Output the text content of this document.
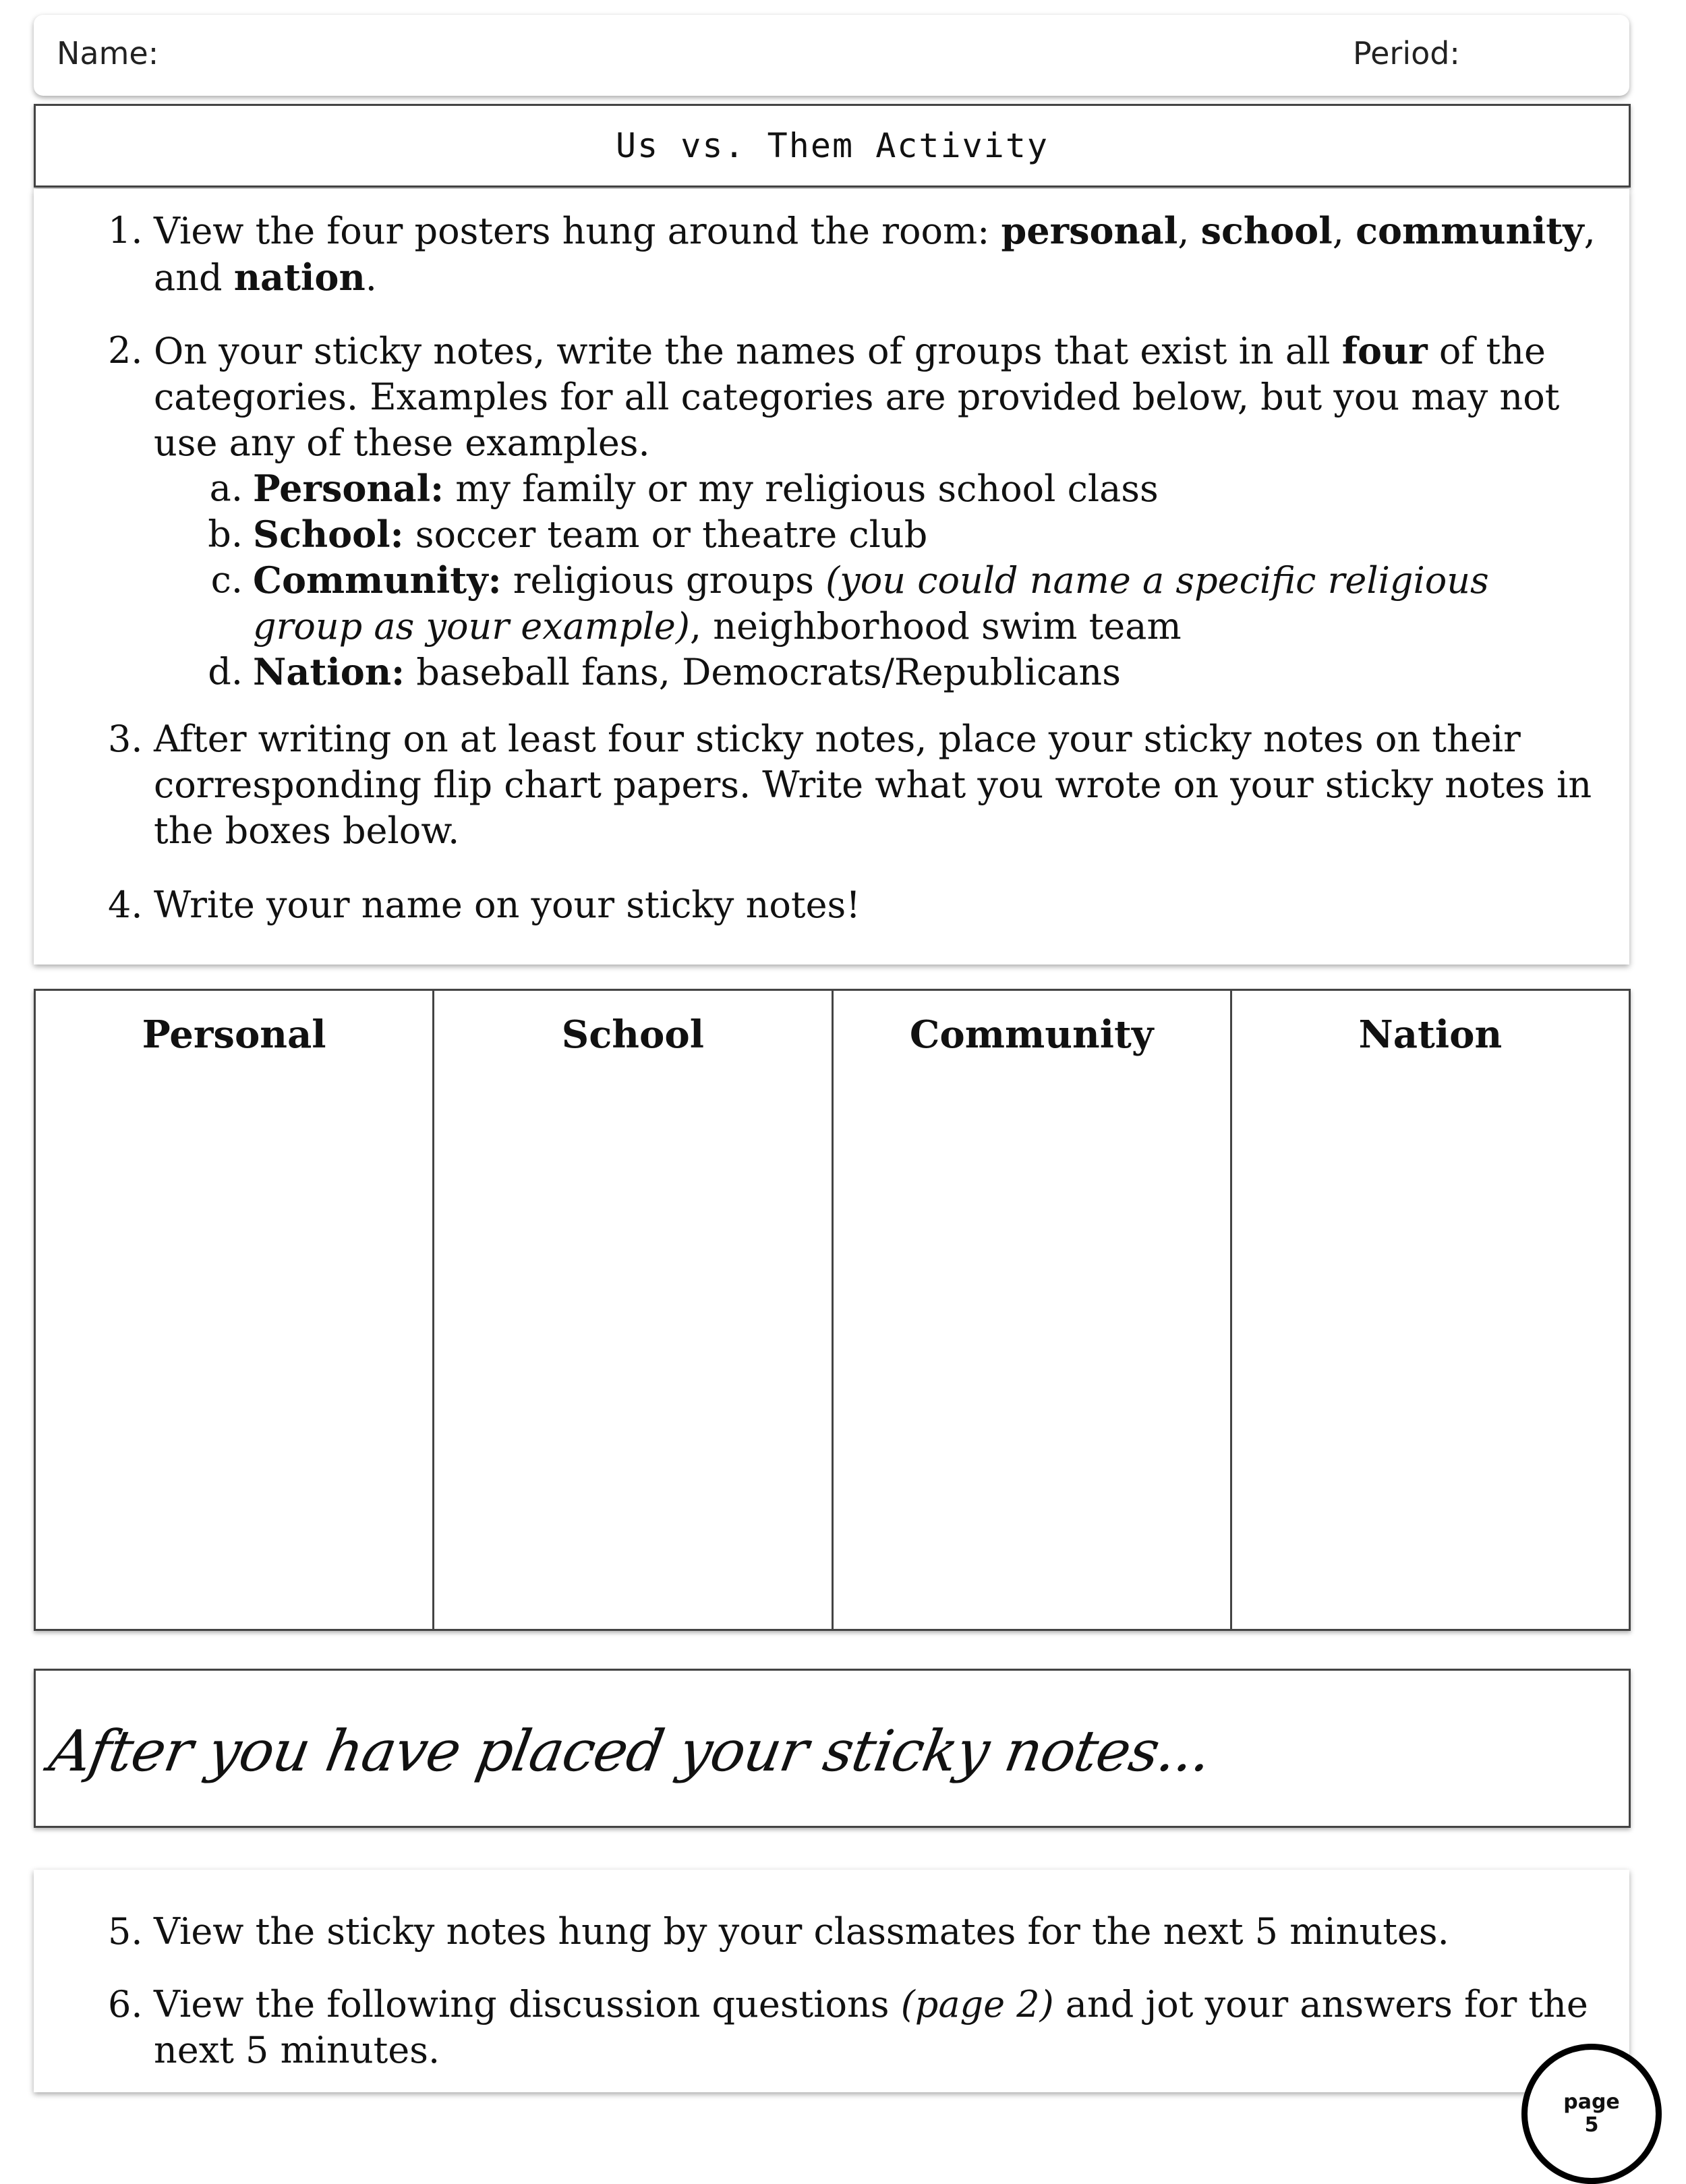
Name:	Period:
Us vs. Them Activity
1. View the four posters hung around the room: personal, school, community, and nation.
2. On your sticky notes, write the names of groups that exist in all four of the categories. Examples for all categories are provided below, but you may not use any of these examples.
a. Personal: my family or my religious school class
b. School: soccer team or theatre club
c. Community: religious groups (you could name a specific religious group as your example), neighborhood swim team
d. Nation: baseball fans, Democrats/Republicans
3. After writing on at least four sticky notes, place your sticky notes on their corresponding flip chart papers. Write what you wrote on your sticky notes in the boxes below.
4. Write your name on your sticky notes!
Personal	School	Community	Nation
After you have placed your sticky notes...
5. View the sticky notes hung by your classmates for the next 5 minutes.
6. View the following discussion questions (page 2) and jot your answers for the next 5 minutes.
page
5
